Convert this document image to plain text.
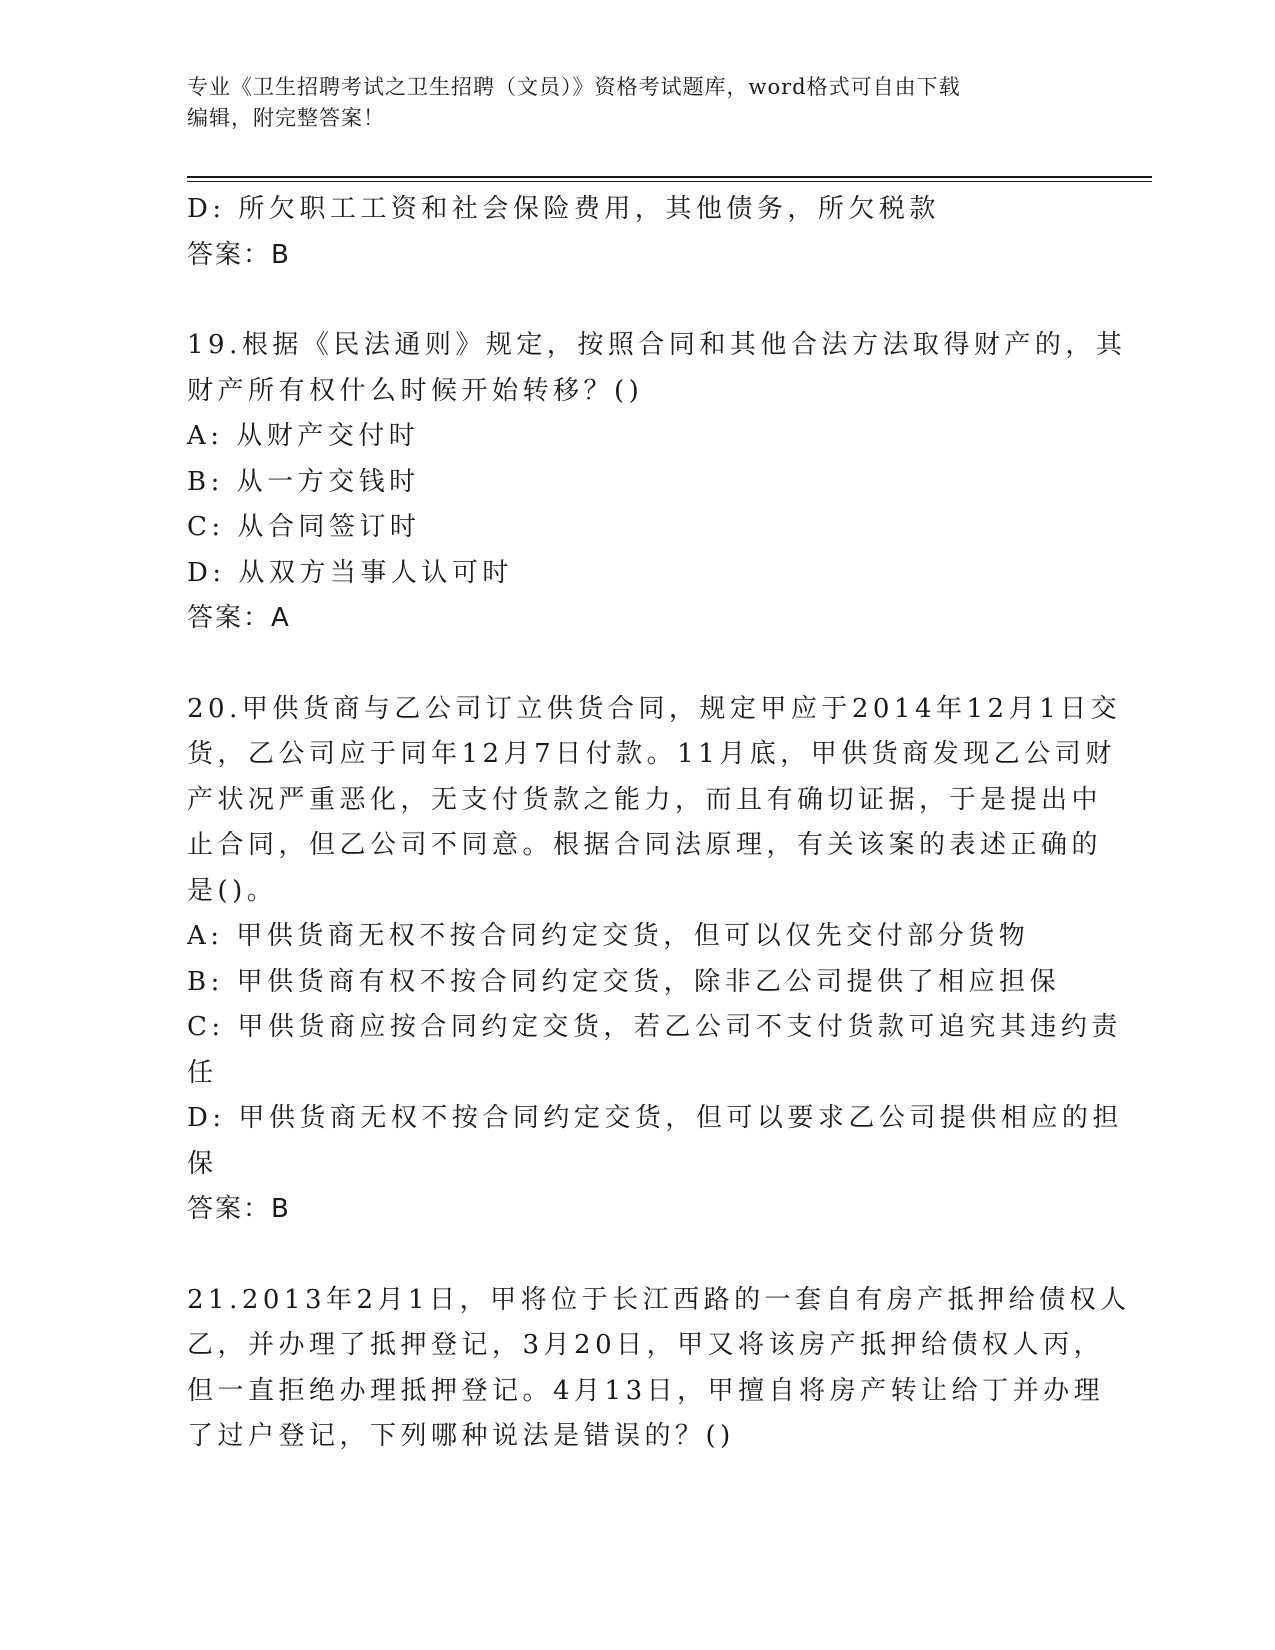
专业《卫生招聘考试之卫生招聘（文员）》资格考试题库，word格式可自由下载
编辑，附完整答案！
D: 所欠职工工资和社会保险费用，其他债务，所欠税款
答案：B
19.根据《民法通则》规定，按照合同和其他合法方法取得财产的，其
财产所有权什么时候开始转移？()
A: 从财产交付时
B: 从一方交钱时
C: 从合同签订时
D: 从双方当事人认可时
答案：A
20.甲供货商与乙公司订立供货合同，规定甲应于2014年12月1日交
货，乙公司应于同年12月7日付款。11月底，甲供货商发现乙公司财
产状况严重恶化，无支付货款之能力，而且有确切证据，于是提出中
止合同，但乙公司不同意。根据合同法原理，有关该案的表述正确的
是()。
A: 甲供货商无权不按合同约定交货，但可以仅先交付部分货物
B: 甲供货商有权不按合同约定交货，除非乙公司提供了相应担保
C: 甲供货商应按合同约定交货，若乙公司不支付货款可追究其违约责
任
D: 甲供货商无权不按合同约定交货，但可以要求乙公司提供相应的担
保
答案：B
21.2013年2月1日，甲将位于长江西路的一套自有房产抵押给债权人
乙，并办理了抵押登记，3月20日，甲又将该房产抵押给债权人丙，
但一直拒绝办理抵押登记。4月13日，甲擅自将房产转让给丁并办理
了过户登记，下列哪种说法是错误的？()
